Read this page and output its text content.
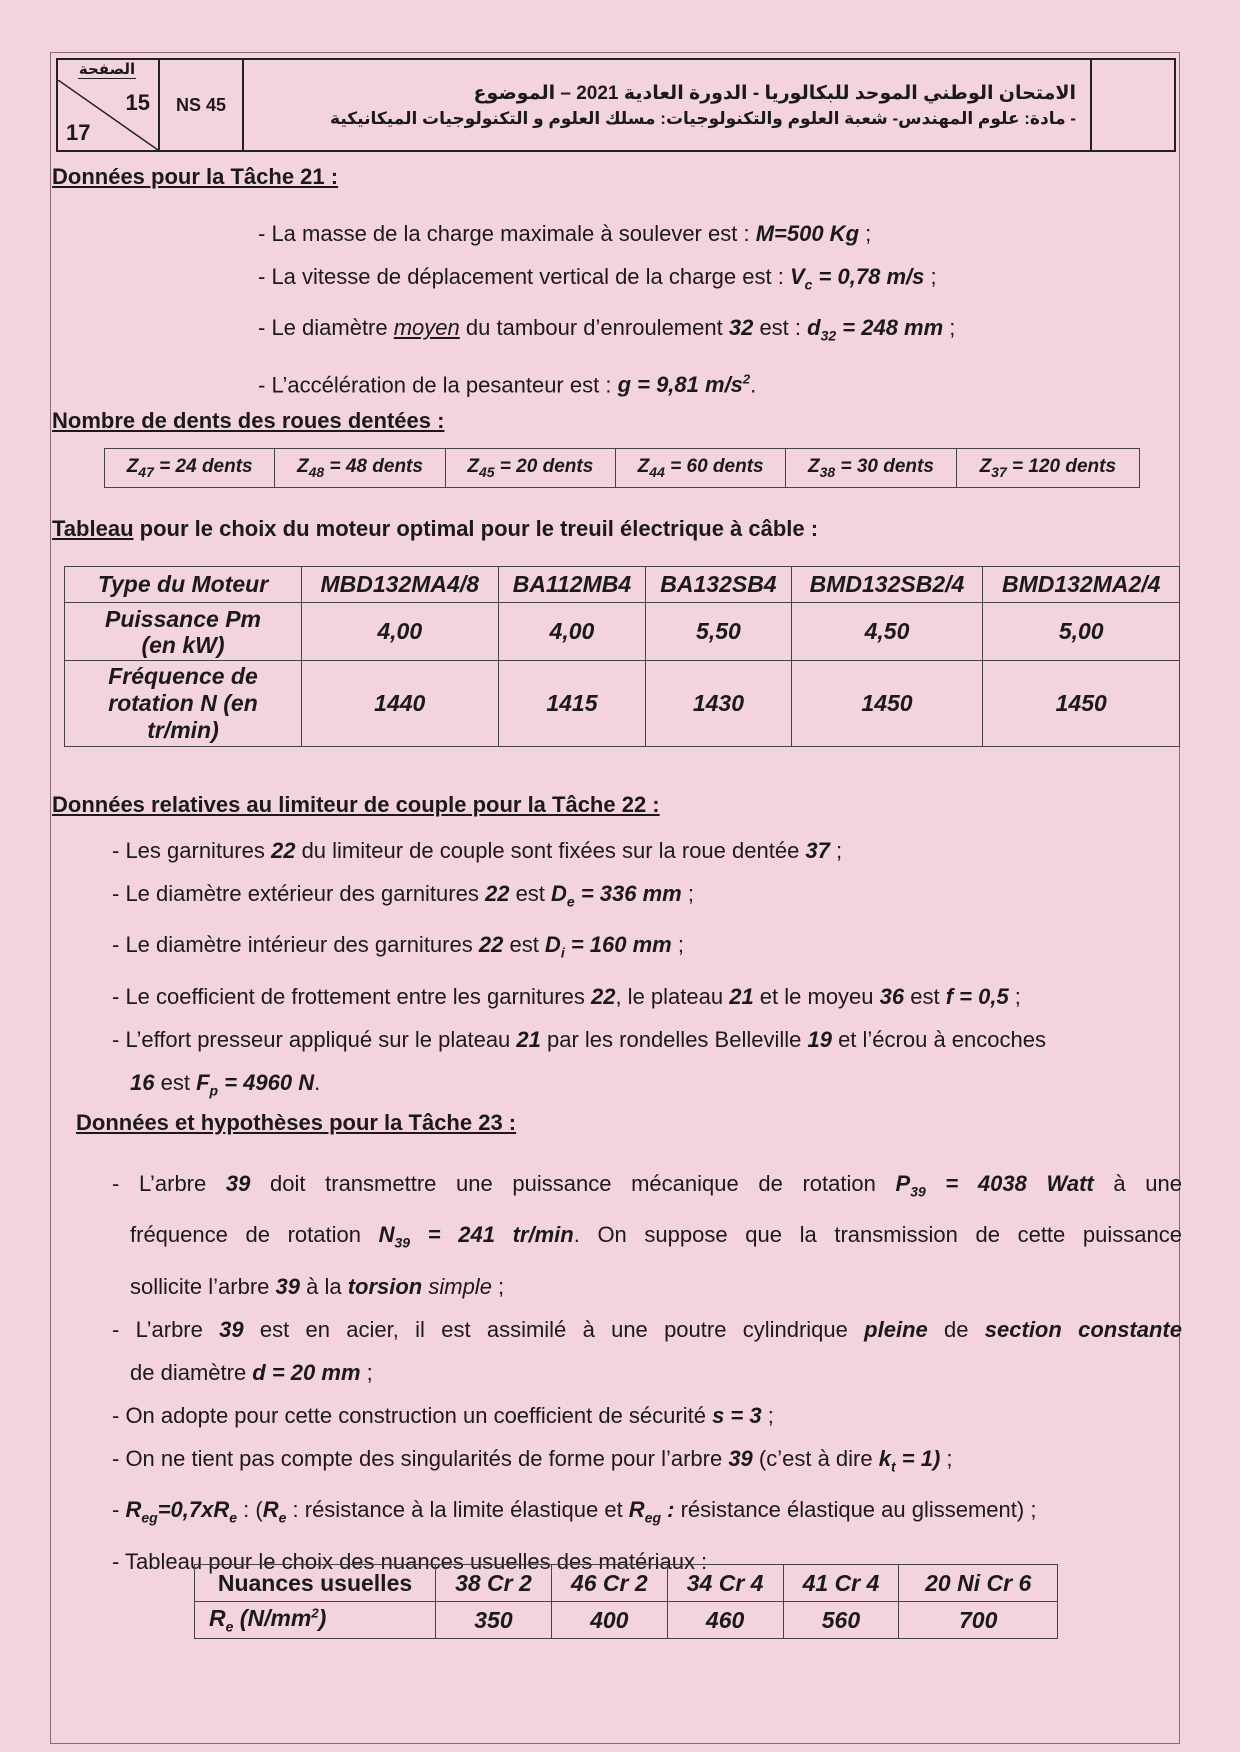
الصفحة
15
17
NS 45
الامتحان الوطني الموحد للبكالوريا - الدورة العادية 2021 – الموضوع
- مادة: علوم المهندس- شعبة العلوم والتكنولوجيات: مسلك العلوم و التكنولوجيات الميكانيكية
Données pour la Tâche 21 :
- La masse de la charge maximale à soulever est : M=500 Kg ;
- La vitesse de déplacement vertical de la charge est : $V_c = 0,78$ m/s ;
- Le diamètre moyen du tambour d’enroulement 32 est : $d_{32} = 248$ mm ;
- L’accélération de la pesanteur est : g = 9,81 $m/s^2$.
Nombre de dents des roues dentées :
$Z_{47} = 24$ dents	$Z_{48} = 48$ dents	$Z_{45} = 20$ dents	$Z_{44} = 60$ dents	$Z_{38} = 30$ dents	$Z_{37} = 120$ dents
Tableau pour le choix du moteur optimal pour le treuil électrique à câble :
Type du Moteur	MBD132MA4/8	BA112MB4	BA132SB4	BMD132SB2/4	BMD132MA2/4
Puissance Pm (en kW)	4,00	4,00	5,50	4,50	5,00
Fréquence de rotation N (en tr/min)	1440	1415	1430	1450	1450
Données relatives au limiteur de couple pour la Tâche 22 :
- Les garnitures 22 du limiteur de couple sont fixées sur la roue dentée 37 ;
- Le diamètre extérieur des garnitures 22 est $D_e = 336$ mm ;
- Le diamètre intérieur des garnitures 22 est $D_i = 160$ mm ;
- Le coefficient de frottement entre les garnitures 22, le plateau 21 et le moyeu 36 est f = 0,5 ;
- L’effort presseur appliqué sur le plateau 21 par les rondelles Belleville 19 et l’écrou à encoches
16 est $F_p = 4960$ N.
Données et hypothèses pour la Tâche 23 :
- L’arbre 39 doit transmettre une puissance mécanique de rotation $P_{39} = 4038$ Watt à une
fréquence de rotation $N_{39} = 241$ tr/min. On suppose que la transmission de cette puissance
sollicite l’arbre 39 à la torsion simple ;
- L’arbre 39 est en acier, il est assimilé à une poutre cylindrique pleine de section constante
de diamètre d = 20 mm ;
- On adopte pour cette construction un coefficient de sécurité s = 3 ;
- On ne tient pas compte des singularités de forme pour l’arbre 39 (c’est à dire $k_t = 1$) ;
- $R_{eg}=0,7xR_e$ : ($R_e$ : résistance à la limite élastique et $R_{eg}$ : résistance élastique au glissement) ;
- Tableau pour le choix des nuances usuelles des matériaux :
Nuances usuelles	38 Cr 2	46 Cr 2	34 Cr 4	41 Cr 4	20 Ni Cr 6
$R_e$ $(N/mm^2)$	350	400	460	560	700
